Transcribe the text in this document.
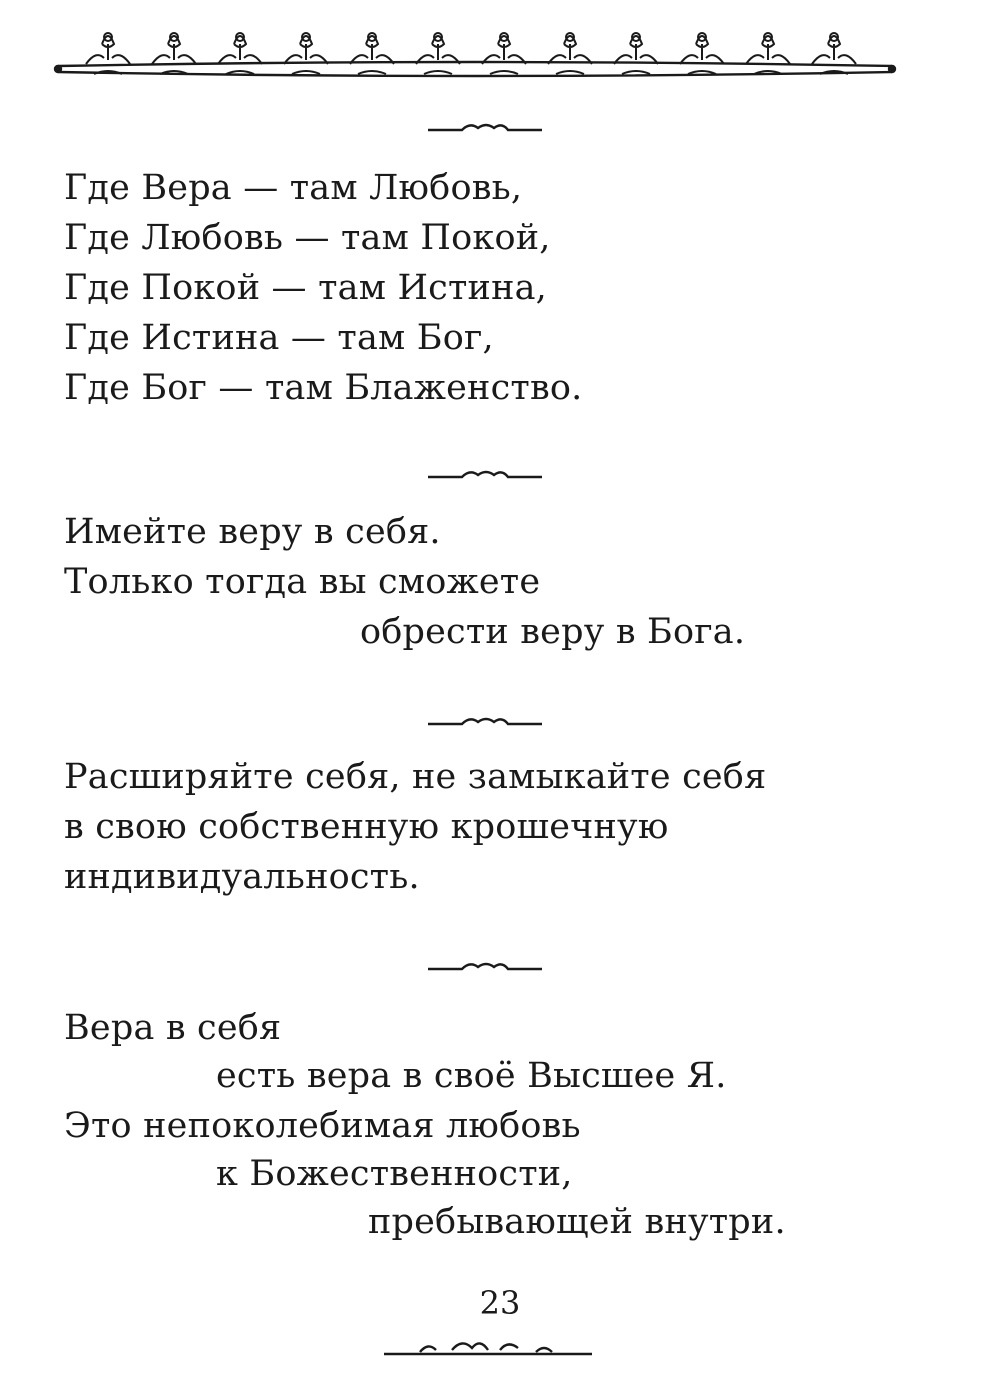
Где Вера — там Любовь,
Где Любовь — там Покой,
Где Покой — там Истина,
Где Истина — там Бог,
Где Бог — там Блаженство.
Имейте веру в себя.
Только тогда вы сможете
обрести веру в Бога.
Расширяйте себя, не замыкайте себя
в свою собственную крошечную
индивидуальность.
Вера в себя
есть вера в своё Высшее Я.
Это непоколебимая любовь
к Божественности,
пребывающей внутри.
23
